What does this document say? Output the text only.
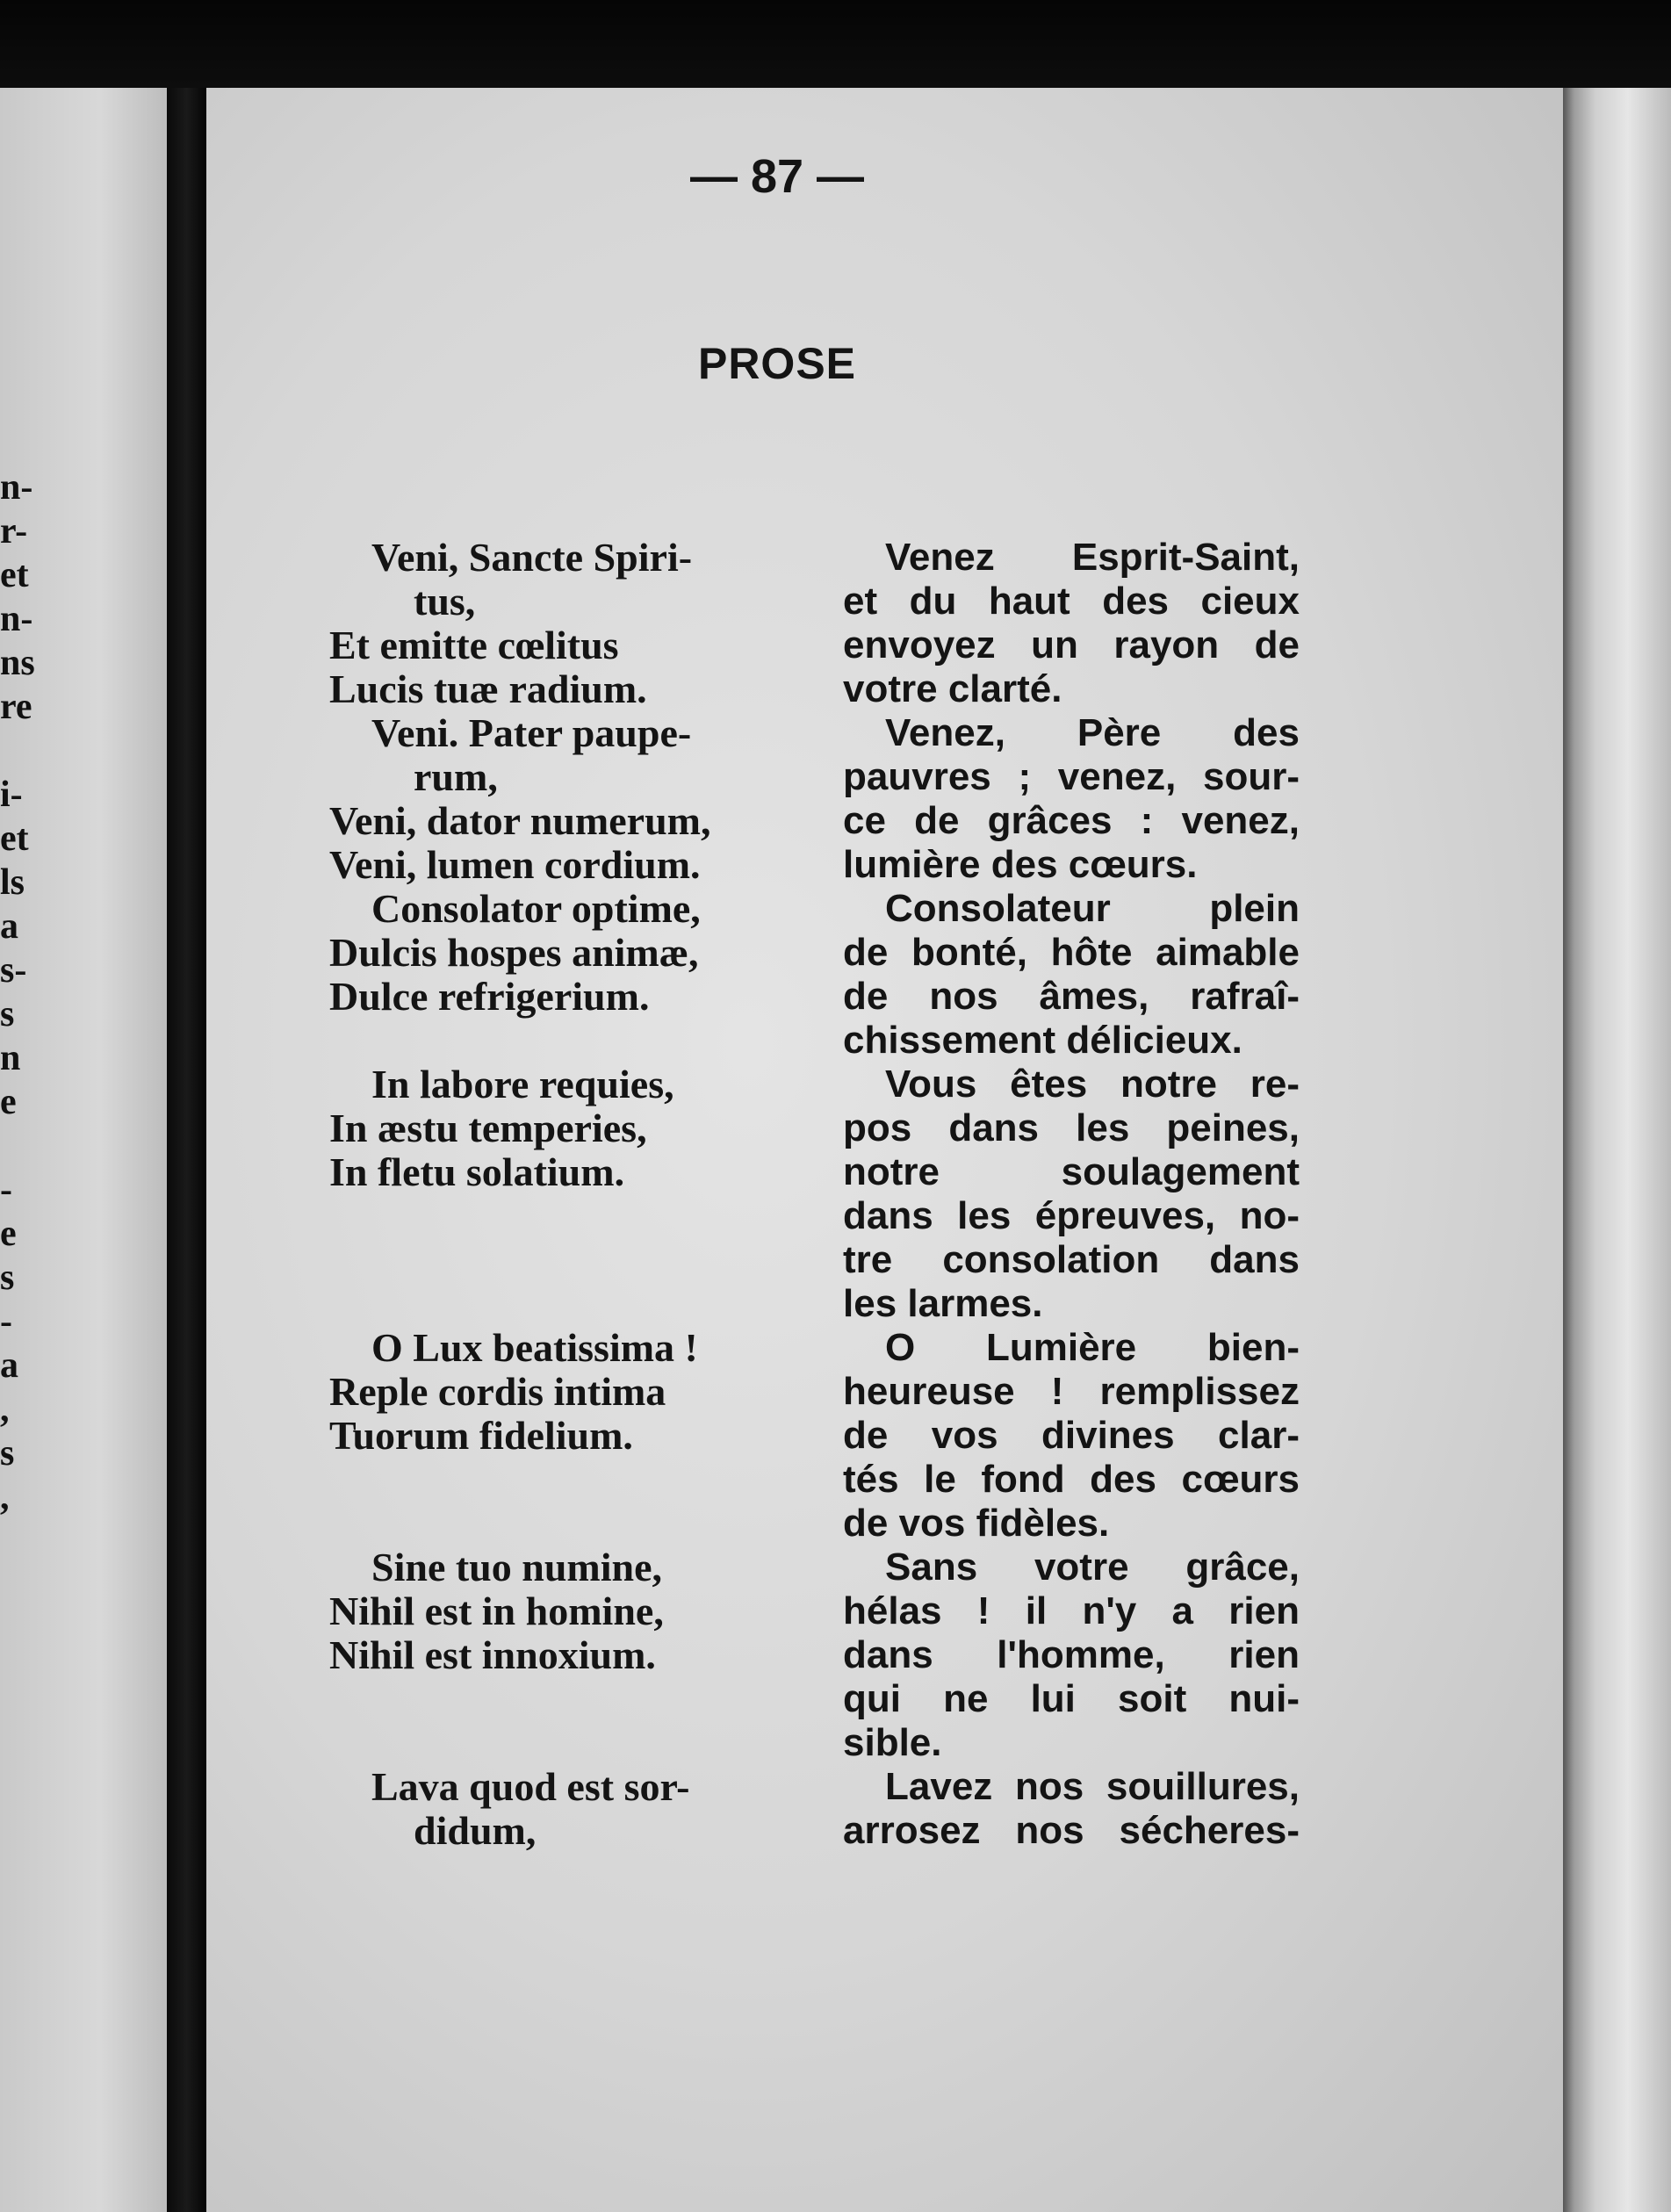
n-
r-
et
n-
ns
re
i-
et
ls
a
s-
s
n
e
-
e
s
-
a
,
s
,
— 87 —
PROSE
Veni, Sancte Spiri-
tus,
Et emitte cœlitus
Lucis tuæ radium.
Veni. Pater paupe-
rum,
Veni, dator numerum,
Veni, lumen cordium.
Consolator optime,
Dulcis hospes animæ,
Dulce refrigerium.
In labore requies,
In æstu temperies,
In fletu solatium.
O Lux beatissima !
Reple cordis intima
Tuorum fidelium.
Sine tuo numine,
Nihil est in homine,
Nihil est innoxium.
Lava quod est sor-
didum,
Venez Esprit-Saint,
et du haut des cieux
envoyez un rayon de
votre clarté.
Venez, Père des
pauvres ; venez, sour-
ce de grâces : venez,
lumière des cœurs.
Consolateur plein
de bonté, hôte aimable
de nos âmes, rafraî-
chissement délicieux.
Vous êtes notre re-
pos dans les peines,
notre soulagement
dans les épreuves, no-
tre consolation dans
les larmes.
O Lumière bien-
heureuse ! remplissez
de vos divines clar-
tés le fond des cœurs
de vos fidèles.
Sans votre grâce,
hélas ! il n'y a rien
dans l'homme, rien
qui ne lui soit nui-
sible.
Lavez nos souillures,
arrosez nos sécheres-
